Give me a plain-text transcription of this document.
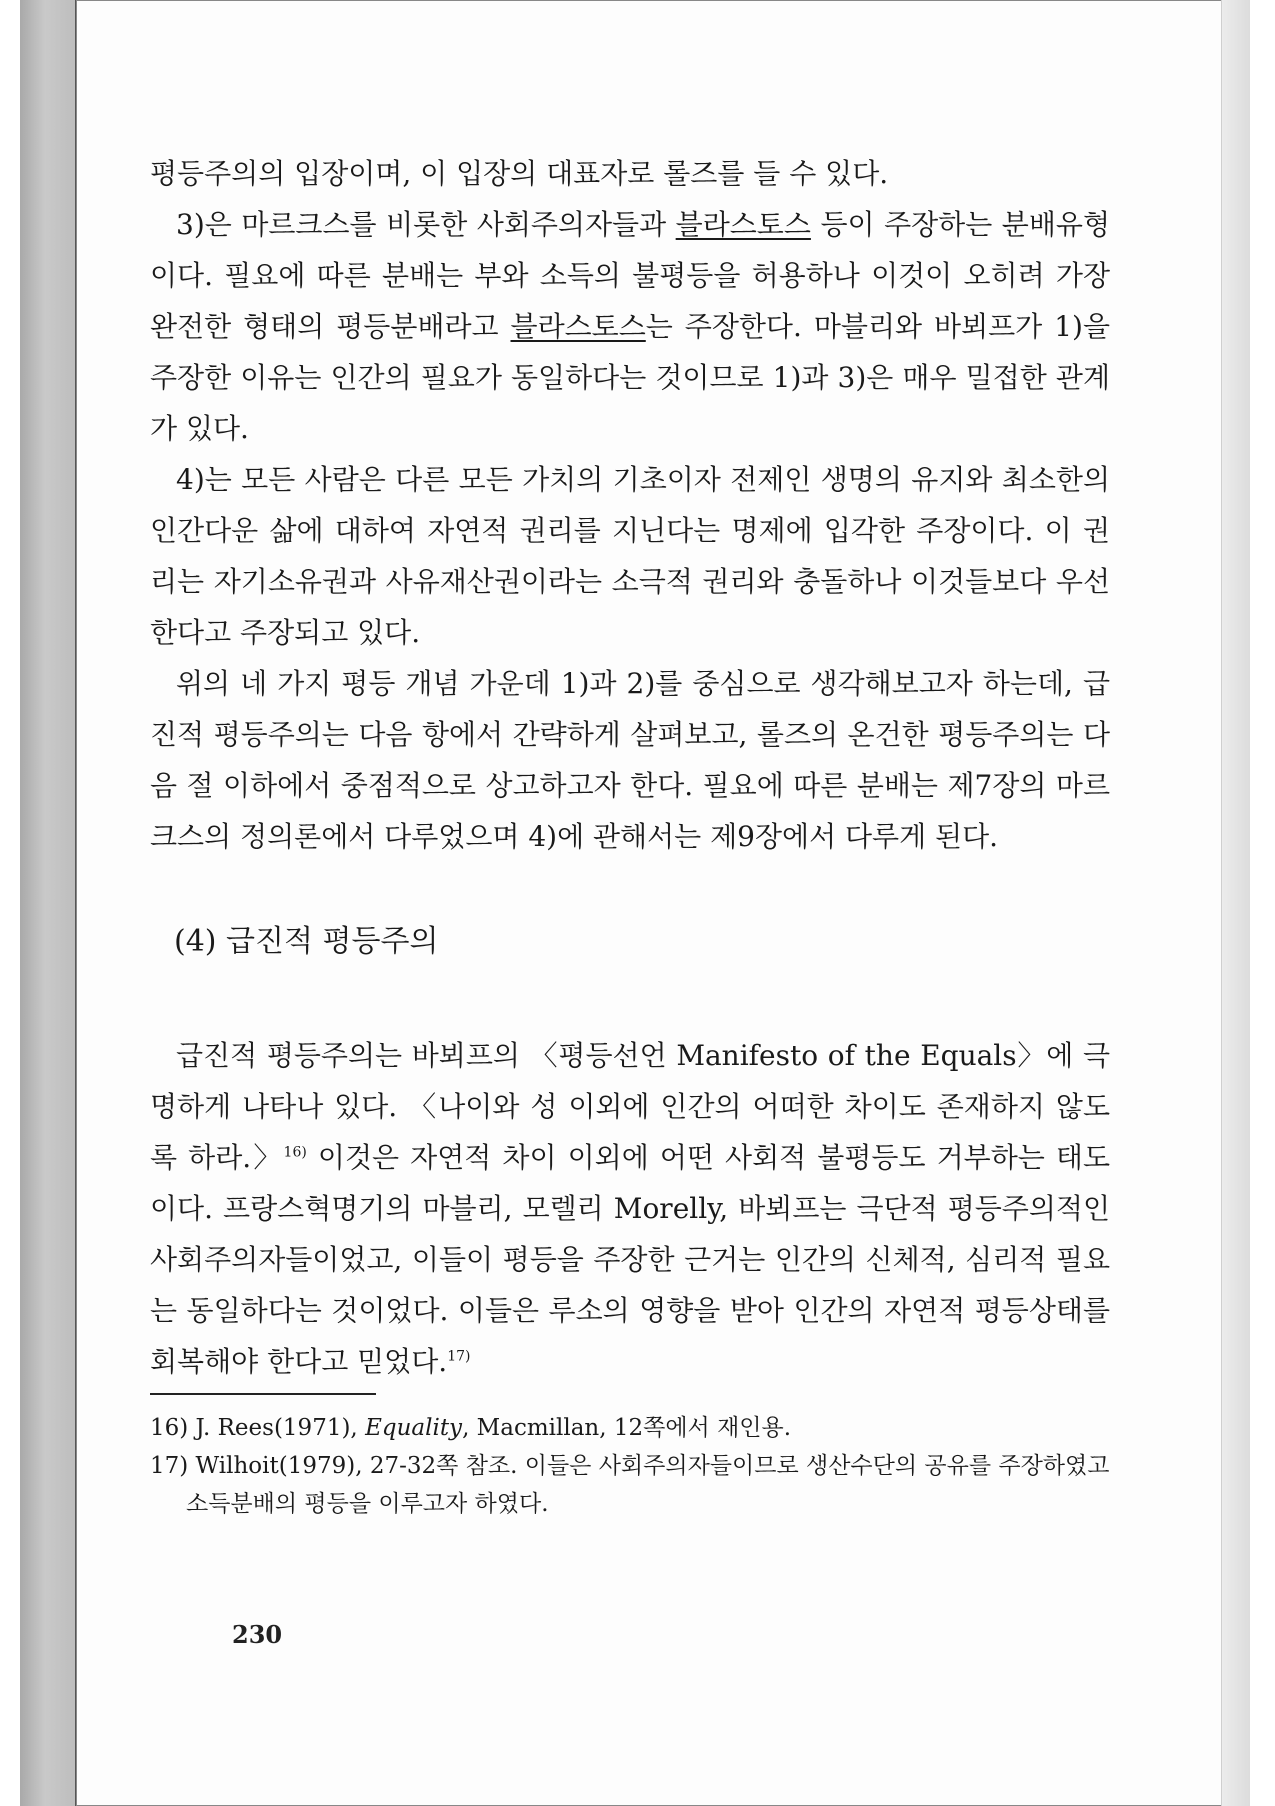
평등주의의 입장이며, 이 입장의 대표자로 롤즈를 들 수 있다.

3)은 마르크스를 비롯한 사회주의자들과 블라스토스 등이 주장하는 분배유형이다. 필요에 따른 분배는 부와 소득의 불평등을 허용하나 이것이 오히려 가장 완전한 형태의 평등분배라고 블라스토스는 주장한다. 마블리와 바뵈프가 1)을 주장한 이유는 인간의 필요가 동일하다는 것이므로 1)과 3)은 매우 밀접한 관계가 있다.

4)는 모든 사람은 다른 모든 가치의 기초이자 전제인 생명의 유지와 최소한의 인간다운 삶에 대하여 자연적 권리를 지닌다는 명제에 입각한 주장이다. 이 권리는 자기소유권과 사유재산권이라는 소극적 권리와 충돌하나 이것들보다 우선한다고 주장되고 있다.

위의 네 가지 평등 개념 가운데 1)과 2)를 중심으로 생각해보고자 하는데, 급진적 평등주의는 다음 항에서 간략하게 살펴보고, 롤즈의 온건한 평등주의는 다음 절 이하에서 중점적으로 상고하고자 한다. 필요에 따른 분배는 제7장의 마르크스의 정의론에서 다루었으며 4)에 관해서는 제9장에서 다루게 된다.

(4) 급진적 평등주의

급진적 평등주의는 바뵈프의 〈평등선언 Manifesto of the Equals〉에 극명하게 나타나 있다. 〈나이와 성 이외에 인간의 어떠한 차이도 존재하지 않도록 하라.〉$^{16)}$ 이것은 자연적 차이 이외에 어떤 사회적 불평등도 거부하는 태도이다. 프랑스혁명기의 마블리, 모렐리 Morelly, 바뵈프는 극단적 평등주의적인 사회주의자들이었고, 이들이 평등을 주장한 근거는 인간의 신체적, 심리적 필요는 동일하다는 것이었다. 이들은 루소의 영향을 받아 인간의 자연적 평등상태를 회복해야 한다고 믿었다.$^{17)}$

16) J. Rees(1971), Equality, Macmillan, 12쪽에서 재인용.

17) Wilhoit(1979), 27-32쪽 참조. 이들은 사회주의자들이므로 생산수단의 공유를 주장하였고 소득분배의 평등을 이루고자 하였다.

230
